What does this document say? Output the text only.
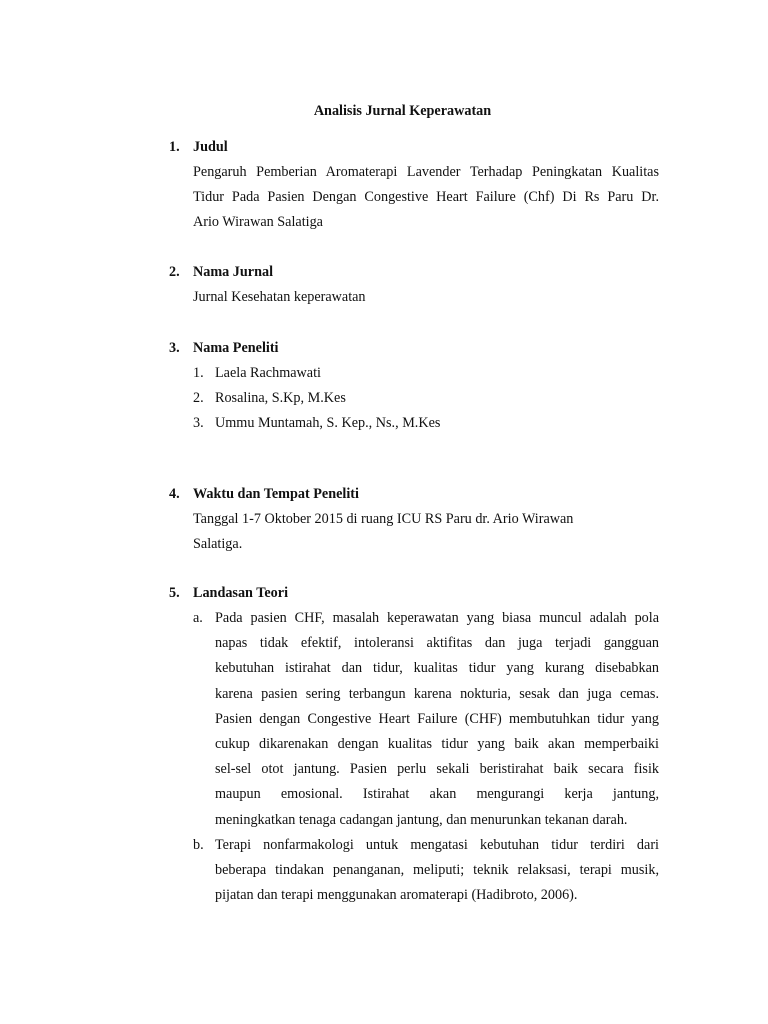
Analisis Jurnal Keperawatan
1. Judul
Pengaruh Pemberian Aromaterapi Lavender Terhadap Peningkatan Kualitas
Tidur Pada Pasien Dengan Congestive Heart Failure (Chf) Di Rs Paru Dr.
Ario Wirawan Salatiga
2. Nama Jurnal
Jurnal Kesehatan keperawatan
3. Nama Peneliti
1. Laela Rachmawati
2. Rosalina, S.Kp, M.Kes
3. Ummu Muntamah, S. Kep., Ns., M.Kes
4. Waktu dan Tempat Peneliti
Tanggal 1-7 Oktober 2015 di ruang ICU RS Paru dr. Ario Wirawan
Salatiga.
5. Landasan Teori
a. Pada pasien CHF, masalah keperawatan yang biasa muncul adalah pola
napas tidak efektif, intoleransi aktifitas dan juga terjadi gangguan
kebutuhan istirahat dan tidur, kualitas tidur yang kurang disebabkan
karena pasien sering terbangun karena nokturia, sesak dan juga cemas.
Pasien dengan Congestive Heart Failure (CHF) membutuhkan tidur yang
cukup dikarenakan dengan kualitas tidur yang baik akan memperbaiki
sel-sel otot jantung. Pasien perlu sekali beristirahat baik secara fisik
maupun emosional. Istirahat akan mengurangi kerja jantung,
meningkatkan tenaga cadangan jantung, dan menurunkan tekanan darah.
b. Terapi nonfarmakologi untuk mengatasi kebutuhan tidur terdiri dari
beberapa tindakan penanganan, meliputi; teknik relaksasi, terapi musik,
pijatan dan terapi menggunakan aromaterapi (Hadibroto, 2006).
